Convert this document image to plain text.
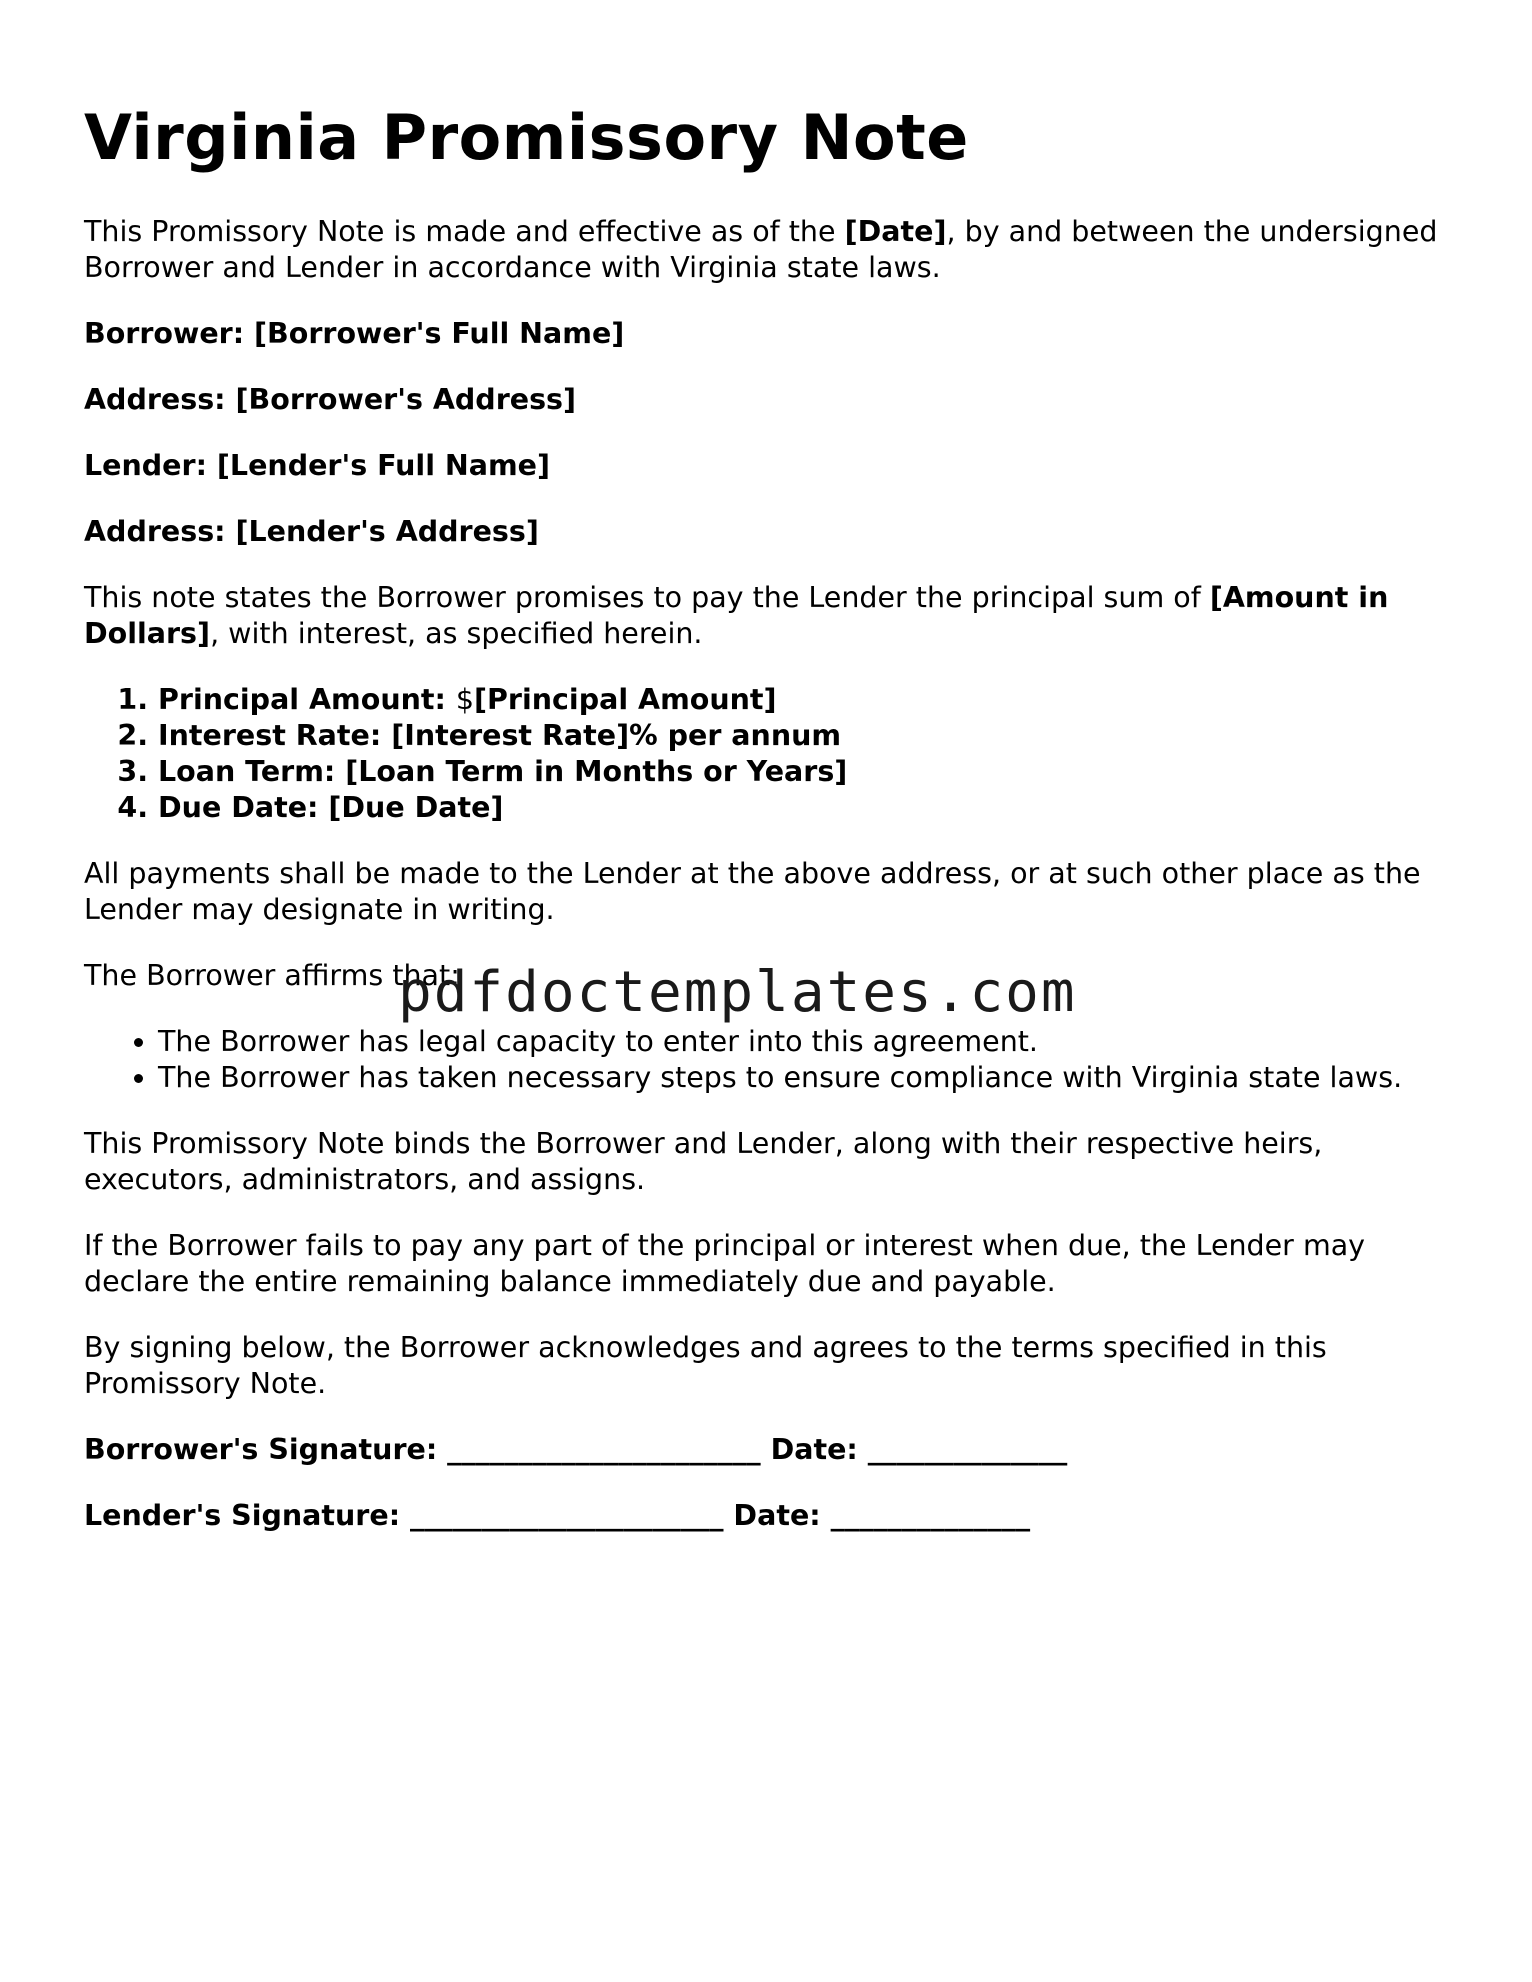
Virginia Promissory Note

This Promissory Note is made and effective as of the [Date], by and between the undersigned Borrower and Lender in accordance with Virginia state laws.

Borrower: [Borrower's Full Name]

Address: [Borrower's Address]

Lender: [Lender's Full Name]

Address: [Lender's Address]

This note states the Borrower promises to pay the Lender the principal sum of [Amount in Dollars], with interest, as specified herein.

1. Principal Amount: $[Principal Amount]
2. Interest Rate: [Interest Rate]% per annum
3. Loan Term: [Loan Term in Months or Years]
4. Due Date: [Due Date]

All payments shall be made to the Lender at the above address, or at such other place as the Lender may designate in writing.

The Borrower affirms that:

• The Borrower has legal capacity to enter into this agreement.
• The Borrower has taken necessary steps to ensure compliance with Virginia state laws.

This Promissory Note binds the Borrower and Lender, along with their respective heirs, executors, administrators, and assigns.

If the Borrower fails to pay any part of the principal or interest when due, the Lender may declare the entire remaining balance immediately due and payable.

By signing below, the Borrower acknowledges and agrees to the terms specified in this Promissory Note.

Borrower's Signature: ______________________ Date: ______________

Lender's Signature: ______________________ Date: ______________

pdfdoctemplates.com
